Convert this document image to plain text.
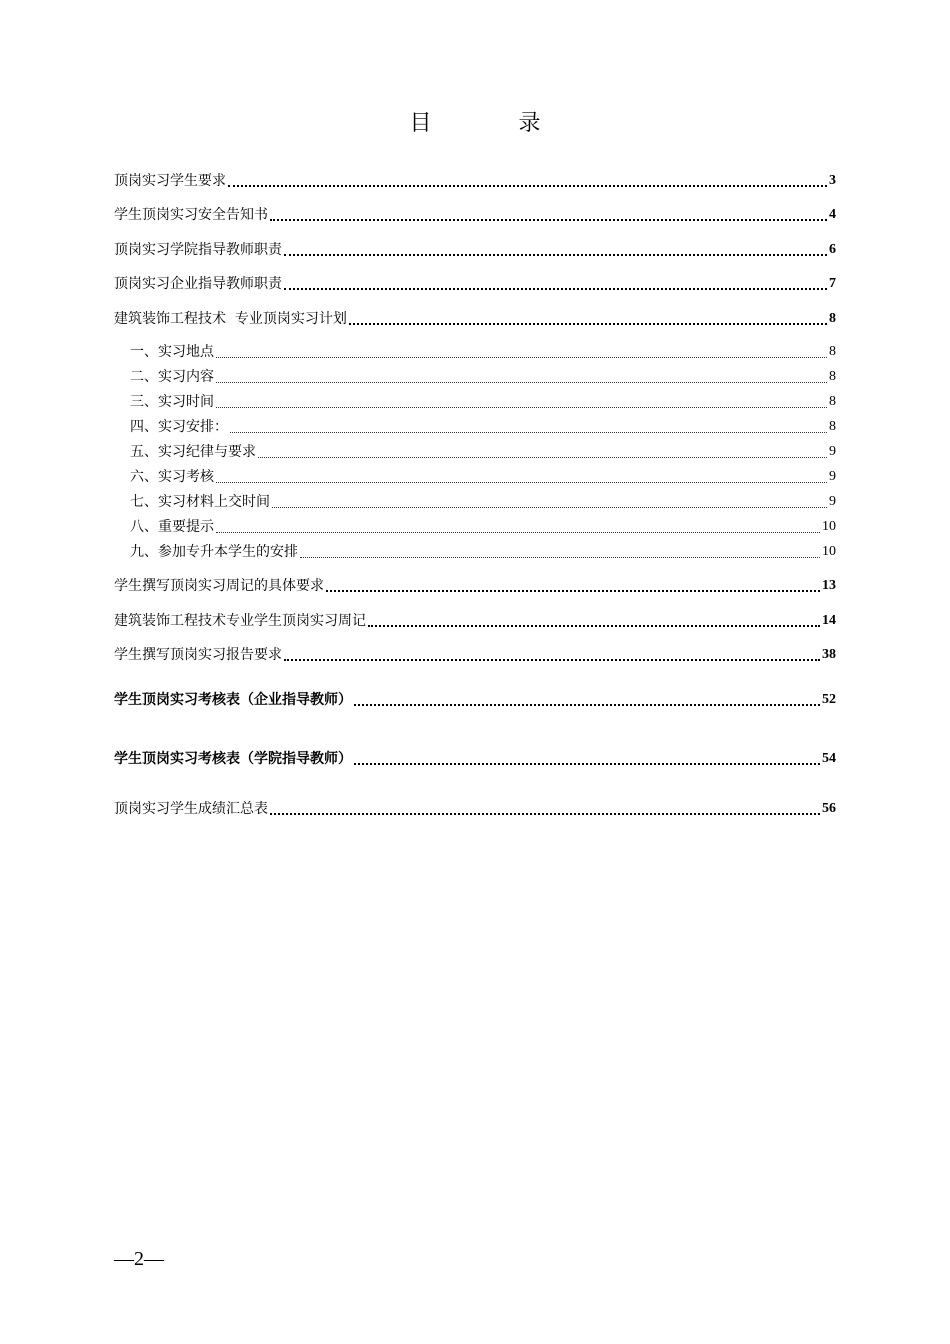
目 录
顶岗实习学生要求	3
学生顶岗实习安全告知书	4
顶岗实习学院指导教师职责	6
顶岗实习企业指导教师职责	7
建筑装饰工程技术  专业顶岗实习计划	8
一、实习地点	8
二、实习内容	8
三、实习时间	8
四、实习安排：	8
五、实习纪律与要求	9
六、实习考核	9
七、实习材料上交时间	9
八、重要提示	10
九、参加专升本学生的安排	10
学生撰写顶岗实习周记的具体要求	13
建筑装饰工程技术专业学生顶岗实习周记	14
学生撰写顶岗实习报告要求	38
学生顶岗实习考核表（企业指导教师）	52
学生顶岗实习考核表（学院指导教师）	54
顶岗实习学生成绩汇总表	56
—2—
